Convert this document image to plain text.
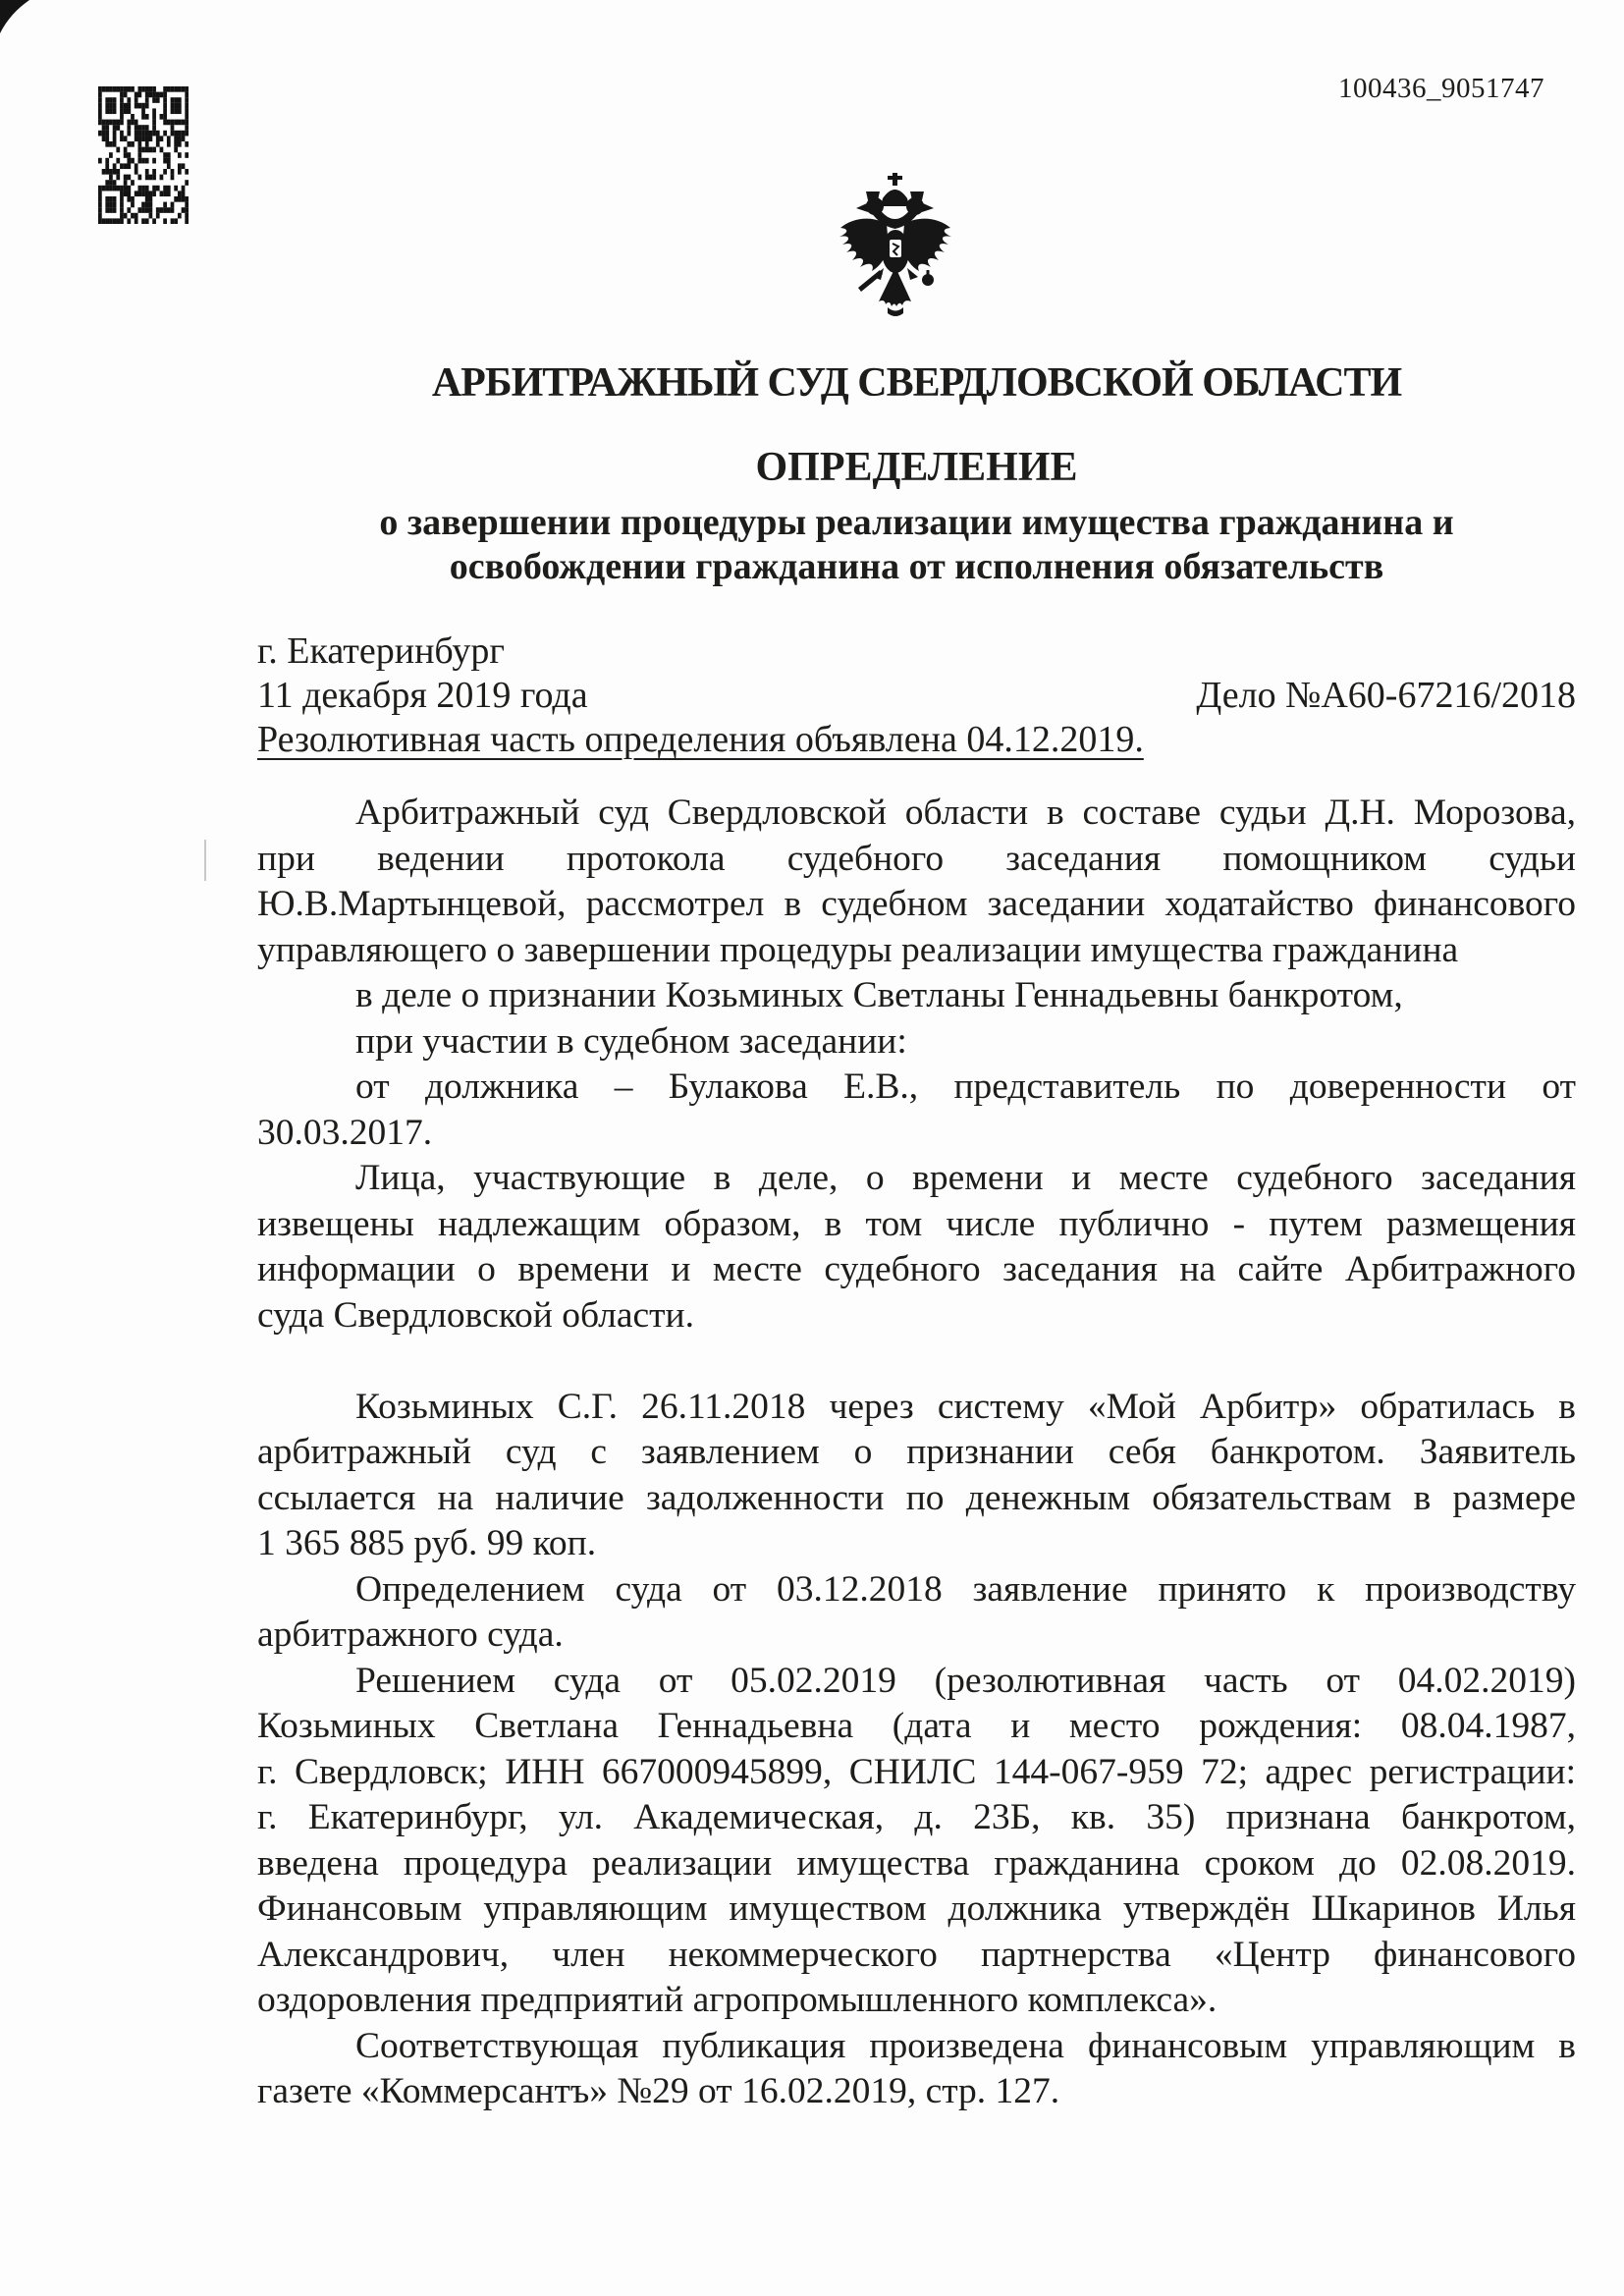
100436_9051747
АРБИТРАЖНЫЙ СУД СВЕРДЛОВСКОЙ ОБЛАСТИ
ОПРЕДЕЛЕНИЕ
о завершении процедуры реализации имущества гражданина и
освобождении гражданина от исполнения обязательств
г. Екатеринбург
11 декабря 2019 года	Дело №А60-67216/2018
Резолютивная часть определения объявлена 04.12.2019.
Арбитражный суд Свердловской области в составе судьи Д.Н. Морозова,
при ведении протокола судебного заседания помощником судьи
Ю.В.Мартынцевой, рассмотрел в судебном заседании ходатайство финансового
управляющего о завершении процедуры реализации имущества гражданина
в деле о признании Козьминых Светланы Геннадьевны банкротом,
при участии в судебном заседании:
от должника – Булакова Е.В., представитель по доверенности от
30.03.2017.
Лица, участвующие в деле, о времени и месте судебного заседания
извещены надлежащим образом, в том числе публично - путем размещения
информации о времени и месте судебного заседания на сайте Арбитражного
суда Свердловской области.
Козьминых С.Г. 26.11.2018 через систему «Мой Арбитр» обратилась в
арбитражный суд с заявлением о признании себя банкротом. Заявитель
ссылается на наличие задолженности по денежным обязательствам в размере
1 365 885 руб. 99 коп.
Определением суда от 03.12.2018 заявление принято к производству
арбитражного суда.
Решением суда от 05.02.2019 (резолютивная часть от 04.02.2019)
Козьминых Светлана Геннадьевна (дата и место рождения: 08.04.1987,
г. Свердловск; ИНН 667000945899, СНИЛС 144-067-959 72; адрес регистрации:
г. Екатеринбург, ул. Академическая, д. 23Б, кв. 35) признана банкротом,
введена процедура реализации имущества гражданина сроком до 02.08.2019.
Финансовым управляющим имуществом должника утверждён Шкаринов Илья
Александрович, член некоммерческого партнерства «Центр финансового
оздоровления предприятий агропромышленного комплекса».
Соответствующая публикация произведена финансовым управляющим в
газете «Коммерсантъ» №29 от 16.02.2019, стр. 127.
